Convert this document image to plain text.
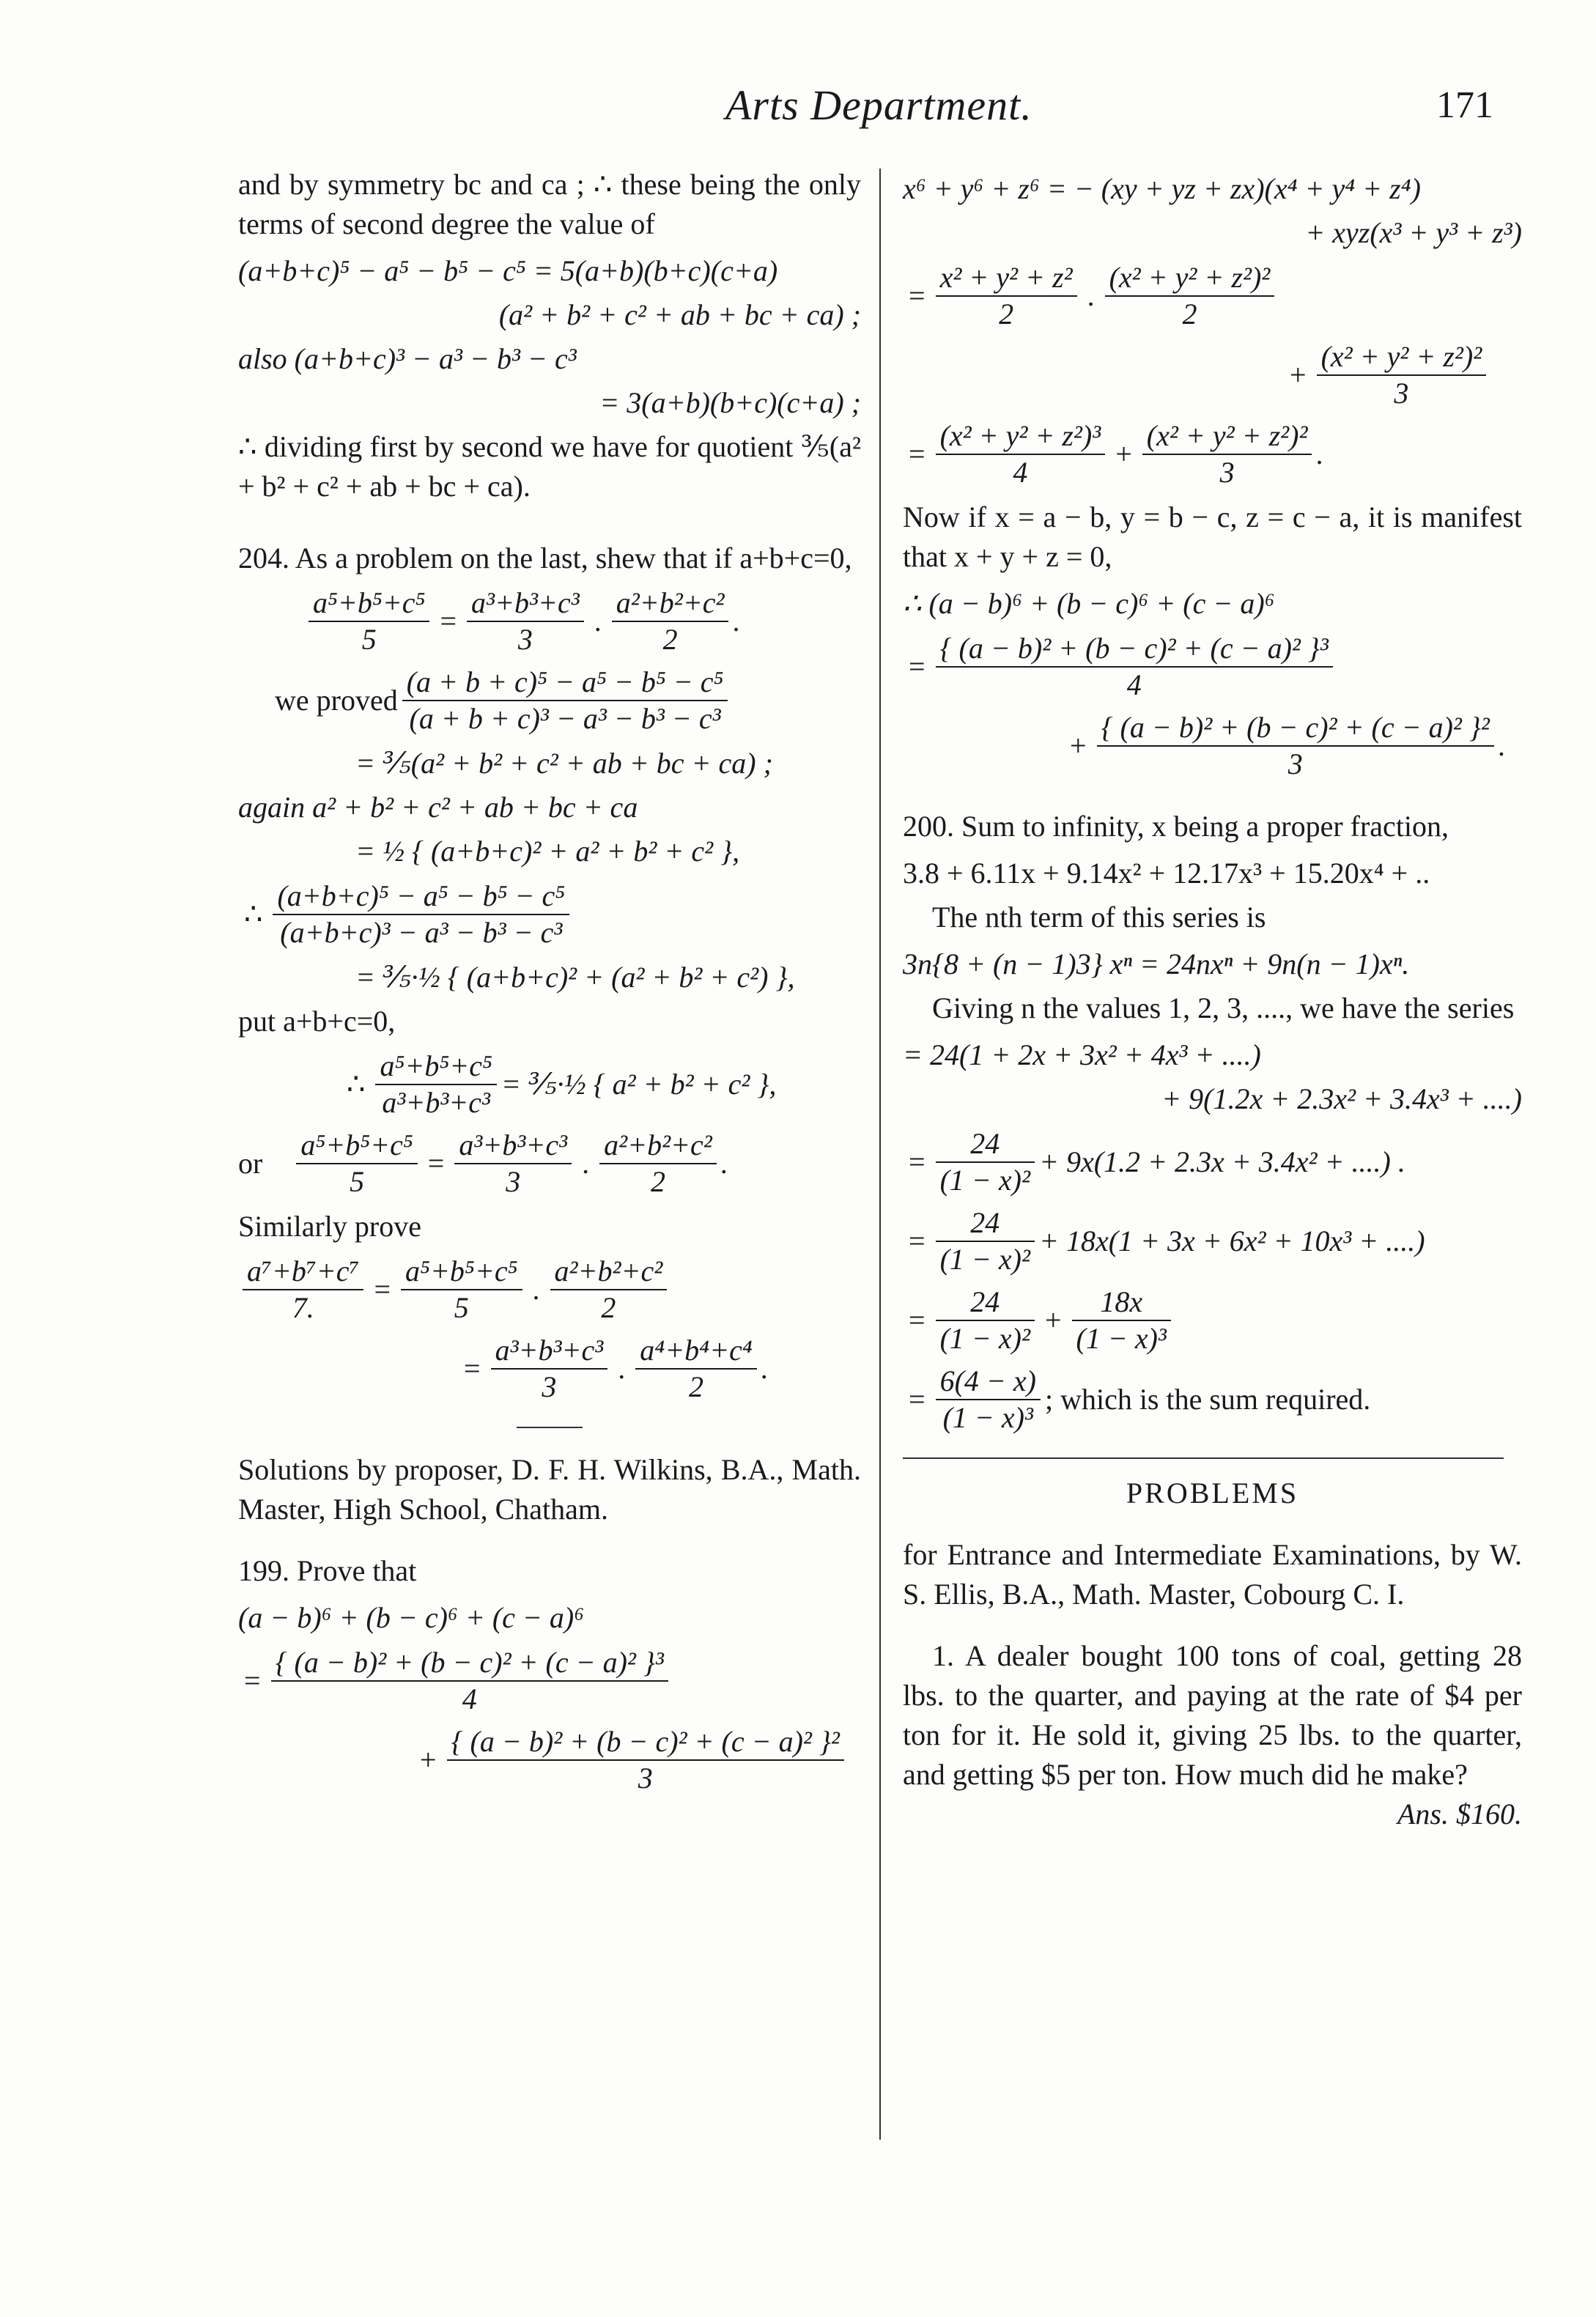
Arts Department.	171

and by symmetry bc and ca ; ∴ these being the only terms of second degree the value of

(a+b+c)⁵ − a⁵ − b⁵ − c⁵ = 5(a+b)(b+c)(c+a)
(a² + b² + c² + ab + bc + ca) ;
also (a+b+c)³ − a³ − b³ − c³
= 3(a+b)(b+c)(c+a) ;

∴ dividing first by second we have for quotient ⅗(a² + b² + c² + ab + bc + ca).

204. As a problem on the last, shew that if a+b+c=0,

$\frac{\text{a⁵+b⁵+c⁵}}{5} = \frac{\text{a³+b³+c³}}{3}$ . $\frac{\text{a²+b²+c²}}{2}$ .
we proved $\frac{\text{(a + b + c)⁵ − a⁵ − b⁵ − c⁵}}{\text{(a + b + c)³ − a³ − b³ − c³}}$
= ⅗(a² + b² + c² + ab + bc + ca) ;
again a² + b² + c² + ab + bc + ca
= ½ { (a+b+c)² + a² + b² + c² },
∴ $\frac{\text{(a+b+c)⁵ − a⁵ − b⁵ − c⁵}}{\text{(a+b+c)³ − a³ − b³ − c³}}$
= ⅗·½ { (a+b+c)² + (a² + b² + c²) },

put a+b+c=0,

∴ $\frac{\text{a⁵+b⁵+c⁵}}{\text{a³+b³+c³}}$ = ⅗·½ { a² + b² + c² },
or $\frac{\text{a⁵+b⁵+c⁵}}{5} = \frac{\text{a³+b³+c³}}{3}$ . $\frac{\text{a²+b²+c²}}{2}$ .

Similarly prove

$\frac{\text{a⁷+b⁷+c⁷}}{7.} = \frac{\text{a⁵+b⁵+c⁵}}{5}$ . $\frac{\text{a²+b²+c²}}{2}$
= $\frac{\text{a³+b³+c³}}{3}$ . $\frac{\text{a⁴+b⁴+c⁴}}{2}$ .

Solutions by proposer, D. F. H. Wilkins, B.A., Math. Master, High School, Chatham.

199. Prove that

(a − b)⁶ + (b − c)⁶ + (c − a)⁶
= $\frac{\text{\{ (a − b)² + (b − c)² + (c − a)² \}³}}{4}$
+ $\frac{\text{\{ (a − b)² + (b − c)² + (c − a)² \}²}}{3}$
x⁶ + y⁶ + z⁶ = − (xy + yz + zx)(x⁴ + y⁴ + z⁴)
+ xyz(x³ + y³ + z³)
= $\frac{\text{x² + y² + z²}}{2}$ . $\frac{\text{(x² + y² + z²)²}}{2}$
+ $\frac{\text{(x² + y² + z²)²}}{3}$
= $\frac{\text{(x² + y² + z²)³}}{4} + \frac{\text{(x² + y² + z²)²}}{3}$ .

Now if x = a − b, y = b − c, z = c − a, it is manifest that x + y + z = 0,

∴ (a − b)⁶ + (b − c)⁶ + (c − a)⁶
= $\frac{\text{\{ (a − b)² + (b − c)² + (c − a)² \}³}}{4}$
+ $\frac{\text{\{ (a − b)² + (b − c)² + (c − a)² \}²}}{3}$ .

200. Sum to infinity, x being a proper fraction,

3.8 + 6.11x + 9.14x² + 12.17x³ + 15.20x⁴ + ..

The nth term of this series is

3n{8 + (n − 1)3} xⁿ = 24nxⁿ + 9n(n − 1)xⁿ.

Giving n the values 1, 2, 3, ...., we have the series

= 24(1 + 2x + 3x² + 4x³ + ....)
+ 9(1.2x + 2.3x² + 3.4x³ + ....)
= $\frac{24}{\text{(1 − x)²}} + 9x(1.2 + 2.3x + 3.4x^2$ + ....) .
= $\frac{24}{\text{(1 − x)²}} + 18x(1 + 3x + 6x^2 + 10x^3$ + ....)
= $\frac{24}{\text{(1 − x)²}} + \frac{18x}{\text{(1 − x)³}}$
= $\frac{6(4 - x)}{\text{(1 − x)³}}$ ; which is the sum required.
PROBLEMS

for Entrance and Intermediate Examinations, by W. S. Ellis, B.A., Math. Master, Cobourg C. I.

1. A dealer bought 100 tons of coal, getting 28 lbs. to the quarter, and paying at the rate of $4 per ton for it. He sold it, giving 25 lbs. to the quarter, and getting $5 per ton. How much did he make?
Ans. $160.
